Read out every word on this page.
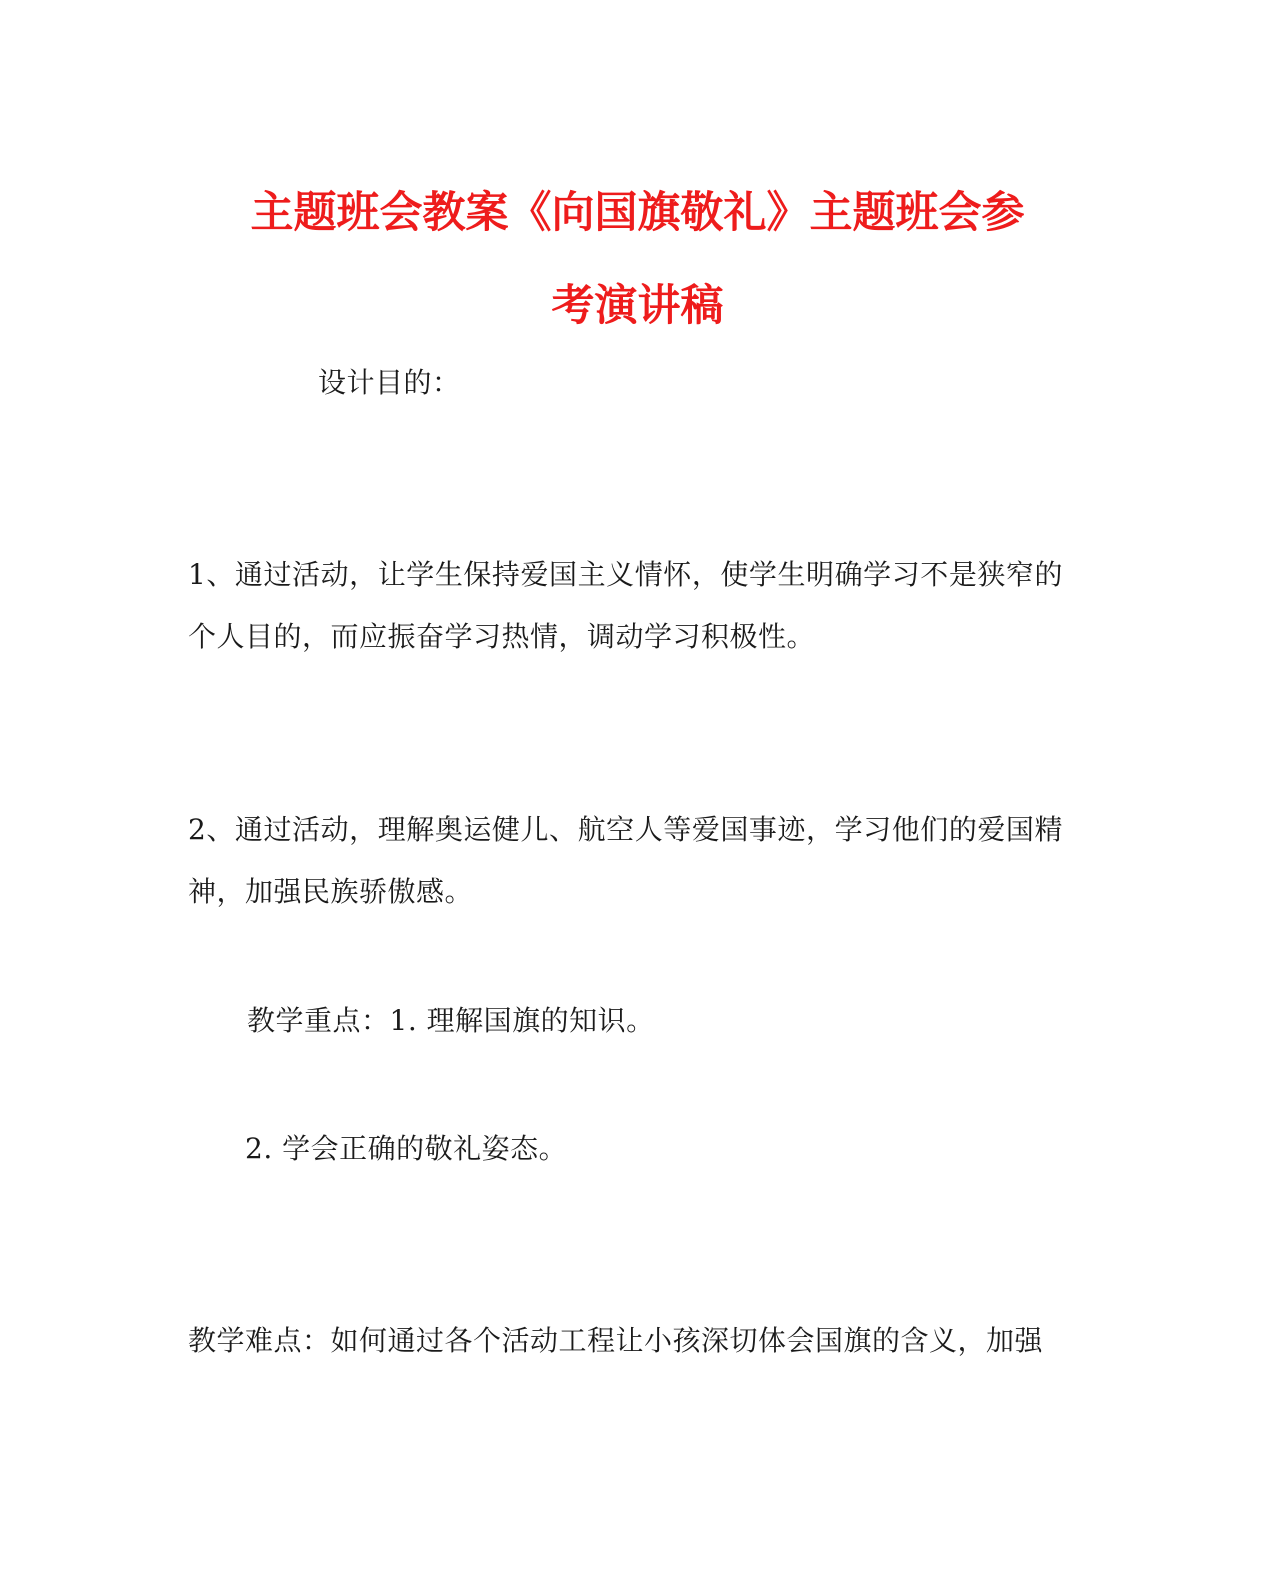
主题班会教案《向国旗敬礼》主题班会参
考演讲稿
设计目的：
1、通过活动，让学生保持爱国主义情怀，使学生明确学习不是狭窄的
个人目的，而应振奋学习热情，调动学习积极性。
2、通过活动，理解奥运健儿、航空人等爱国事迹，学习他们的爱国精
神，加强民族骄傲感。
教学重点：1. 理解国旗的知识。
2. 学会正确的敬礼姿态。
教学难点：如何通过各个活动工程让小孩深切体会国旗的含义，加强
